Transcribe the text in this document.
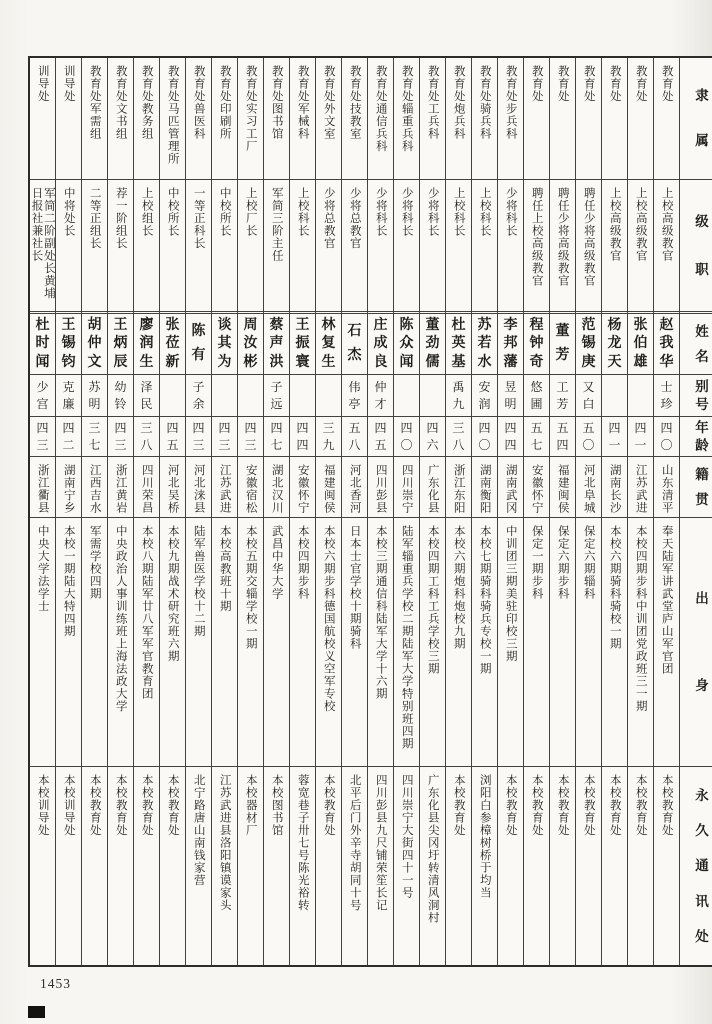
隶
属
级
职
姓
名
别
号
年
龄
籍
贯
出
身
永
久
通
讯
处
教育处
上校高级教官
赵
我
华
士
珍
四
〇
山东清平
奉天陆军讲武堂庐山军官团
本校教育处
教育处
上校高级教官
张
伯
雄
四
一
江苏武进
本校四期步科中训团党政班三一期
本校教育处
教育处
上校高级教官
杨
龙
天
四
一
湖南长沙
本校六期骑科骑校一期
本校教育处
教育处
聘任少将高级教官
范
锡
庚
又
白
五
〇
河北阜城
保定六期辎科
本校教育处
教育处
聘任少将高级教官
董
芳
工
芳
五
四
福建闽侯
保定六期步科
本校教育处
教育处
聘任上校高级教官
程
钟
奇
悠
圃
五
七
安徽怀宁
保定一期步科
本校教育处
教育处步兵科
少将科长
李
邦
藩
昱
明
四
四
湖南武冈
中训团三期美驻印校三期
本校教育处
教育处骑兵科
上校科长
苏
若
水
安
润
四
〇
湖南衡阳
本校七期骑科骑兵专校一期
浏阳白参樟树桥于均当
教育处炮兵科
上校科长
杜
英
基
禹
九
三
八
浙江东阳
本校六期炮科炮校九期
本校教育处
教育处工兵科
少将科长
董
劲
儒
四
六
广东化县
本校四期工科工兵学校三期
广东化县尖冈圩转清风洞村
教育处辎重兵科
少将科长
陈
众
闻
四
〇
四川崇宁
陆军辎重兵学校二期陆军大学特别班四期
四川崇宁大街四十一号
教育处通信兵科
少将科长
庄
成
良
仲
才
四
五
四川彭县
本校三期通信科陆军大学十六期
四川彭县九尺铺荣笙长记
教育处技教室
少将总教官
石
杰
伟
亭
五
八
河北香河
日本士官学校十期骑科
北平后门外辛寺胡同十号
教育处外文室
少将总教官
林
复
生
三
九
福建闽侯
本校六期步科德国航校义空军专校
本校教育处
教育处军械科
上校科长
王
振
寰
四
四
安徽怀宁
本校四期步科
蓉宽巷子卅七号陈光裕转
教育处图书馆
军简三阶主任
蔡
声
洪
子
远
四
七
湖北汉川
武昌中华大学
本校图书馆
教育处实习工厂
上校厂长
周
汝
彬
四
三
安徽宿松
本校五期交辎学校一期
本校器材厂
教育处印刷所
中校所长
谈
其
为
四
三
江苏武进
本校高教班十期
江苏武进县洛阳镇谟家头
教育处兽医科
一等正科长
陈
有
子
余
四
三
河北涞县
陆军兽医学校十二期
北宁路唐山南钱家营
教育处马匹管理所
中校所长
张
莅
新
四
五
河北吴桥
本校九期战术研究班六期
本校教育处
教育处教务组
上校组长
廖
润
生
泽
民
三
八
四川荣昌
本校八期陆军廿八军军官教育团
本校教育处
教育处文书组
荐一阶组长
王
炳
辰
幼
铃
四
三
浙江黄岩
中央政治人事训练班上海法政大学
本校教育处
教育处军需组
二等正组长
胡
仲
文
苏
明
三
七
江西吉水
军需学校四期
本校教育处
训导处
中将处长
王
锡
钧
克
廉
四
二
湖南宁乡
本校一期陆大特四期
本校训导处
训导处
军简二阶副处长黄埔日报社兼社长
杜
时
闻
少
宫
四
三
浙江衢县
中央大学法学士
本校训导处
1453
